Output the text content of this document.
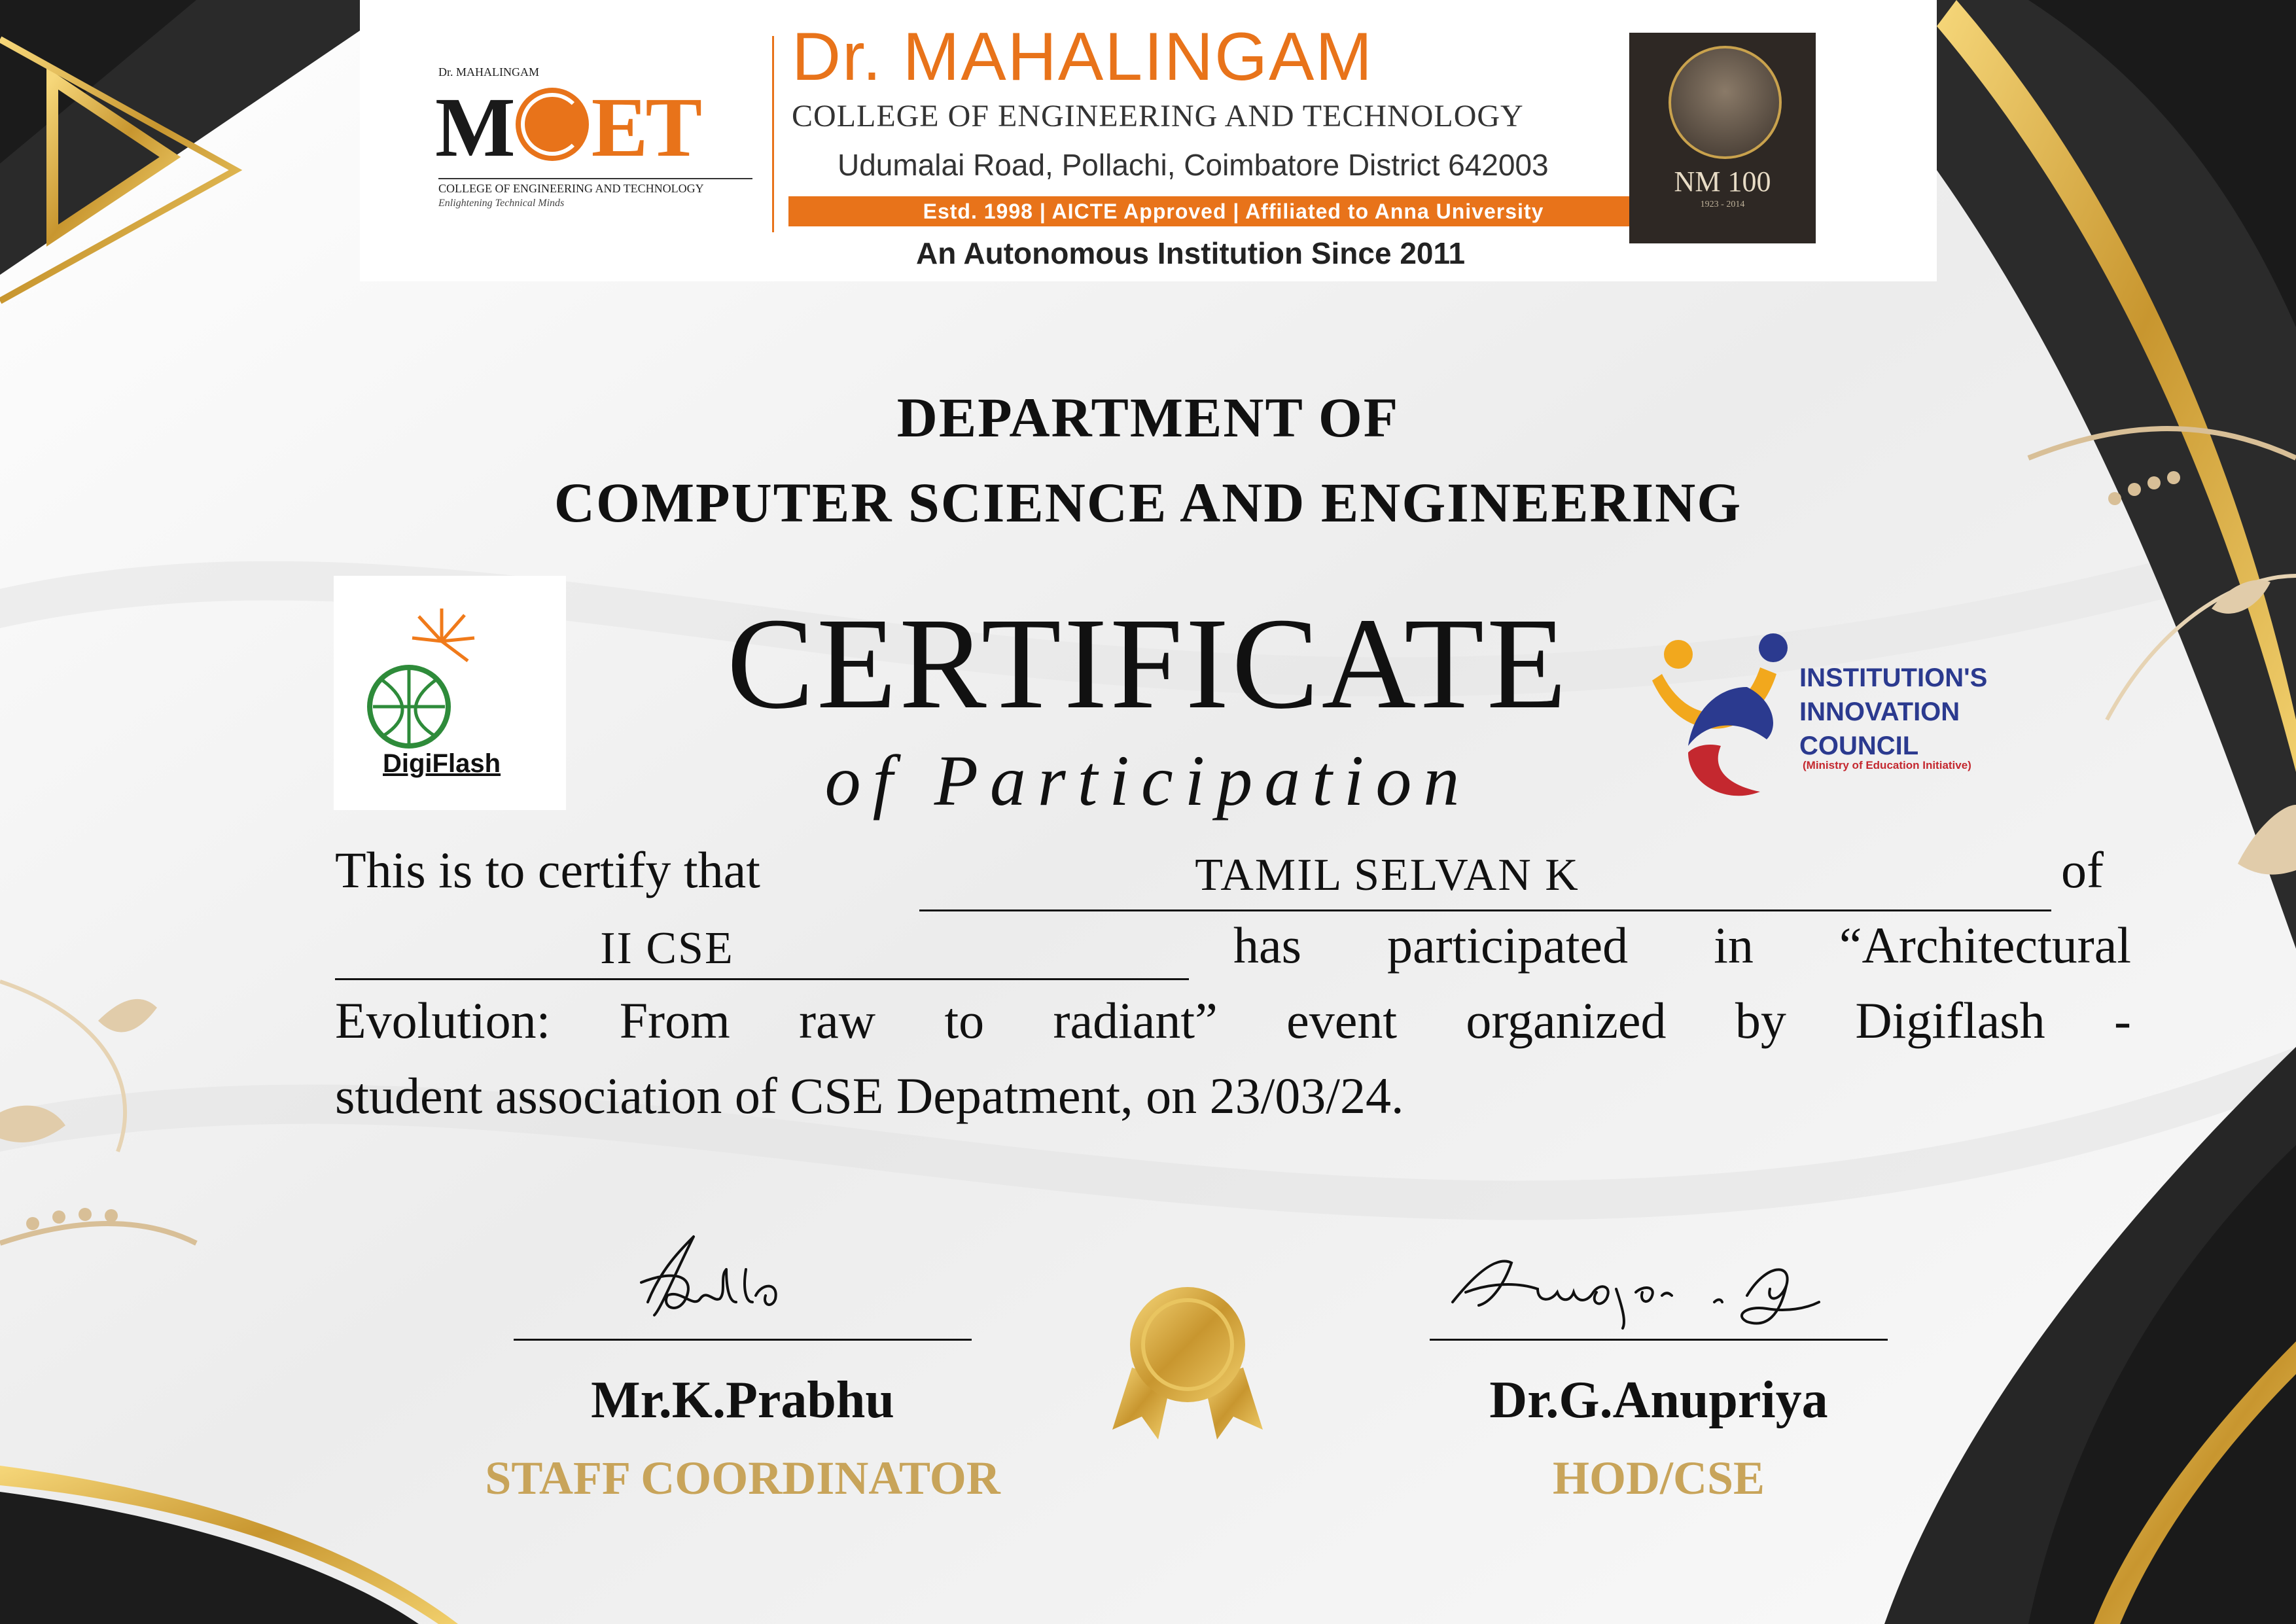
Dr. MAHALINGAM
M ET
COLLEGE OF ENGINEERING AND TECHNOLOGY
Enlightening Technical Minds
Dr. MAHALINGAM
COLLEGE OF ENGINEERING AND TECHNOLOGY
Udumalai Road, Pollachi, Coimbatore District 642003
Estd. 1998 | AICTE Approved | Affiliated to Anna University
An Autonomous Institution Since 2011
NM 100
1923 - 2014
DEPARTMENT OF
COMPUTER SCIENCE AND ENGINEERING
DigiFlash
CERTIFICATE
of Participation
INSTITUTION'S
INNOVATION
COUNCIL
(Ministry of Education Initiative)
This is to certify that	TAMIL SELVAN K	of
II CSE	has participated in “Architectural
Evolution: From raw to radiant” event organized by Digiflash -
student association of CSE Depatment, on 23/03/24.
Mr.K.Prabhu
STAFF COORDINATOR
Dr.G.Anupriya
HOD/CSE
